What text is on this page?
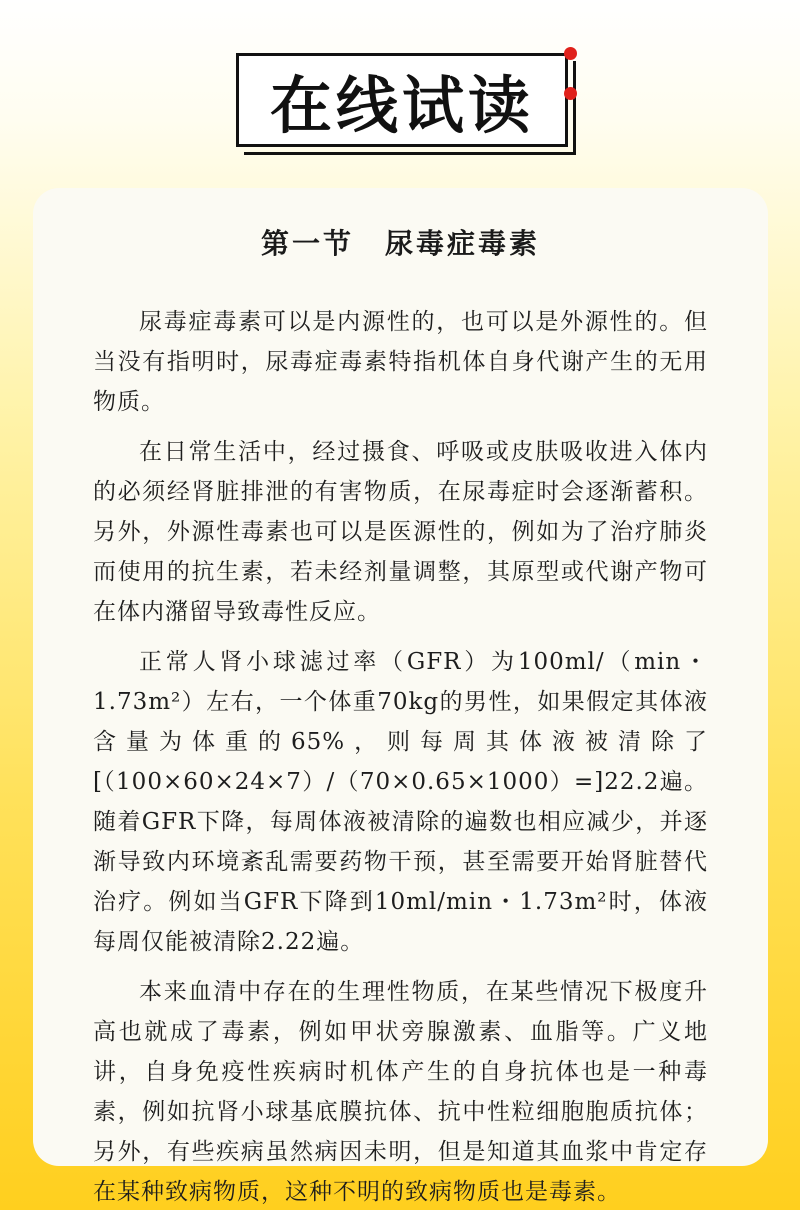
在线试读
第一节　尿毒症毒素

尿毒症毒素可以是内源性的，也可以是外源性的。但当没有指明时，尿毒症毒素特指机体自身代谢产生的无用物质。

在日常生活中，经过摄食、呼吸或皮肤吸收进入体内的必须经肾脏排泄的有害物质，在尿毒症时会逐渐蓄积。另外，外源性毒素也可以是医源性的，例如为了治疗肺炎而使用的抗生素，若未经剂量调整，其原型或代谢产物可在体内潴留导致毒性反应。

正常人肾小球滤过率（GFR）为100ml/（min・1.73m²）左右，一个体重70kg的男性，如果假定其体液含量为体重的65%，则每周其体液被清除了[（100×60×24×7）/（70×0.65×1000）=]22.2遍。随着GFR下降，每周体液被清除的遍数也相应减少，并逐渐导致内环境紊乱需要药物干预，甚至需要开始肾脏替代治疗。例如当GFR下降到10ml/min・1.73m²时，体液每周仅能被清除2.22遍。

本来血清中存在的生理性物质，在某些情况下极度升高也就成了毒素，例如甲状旁腺激素、血脂等。广义地讲，自身免疫性疾病时机体产生的自身抗体也是一种毒素，例如抗肾小球基底膜抗体、抗中性粒细胞胞质抗体；另外，有些疾病虽然病因未明，但是知道其血浆中肯定存在某种致病物质，这种不明的致病物质也是毒素。
